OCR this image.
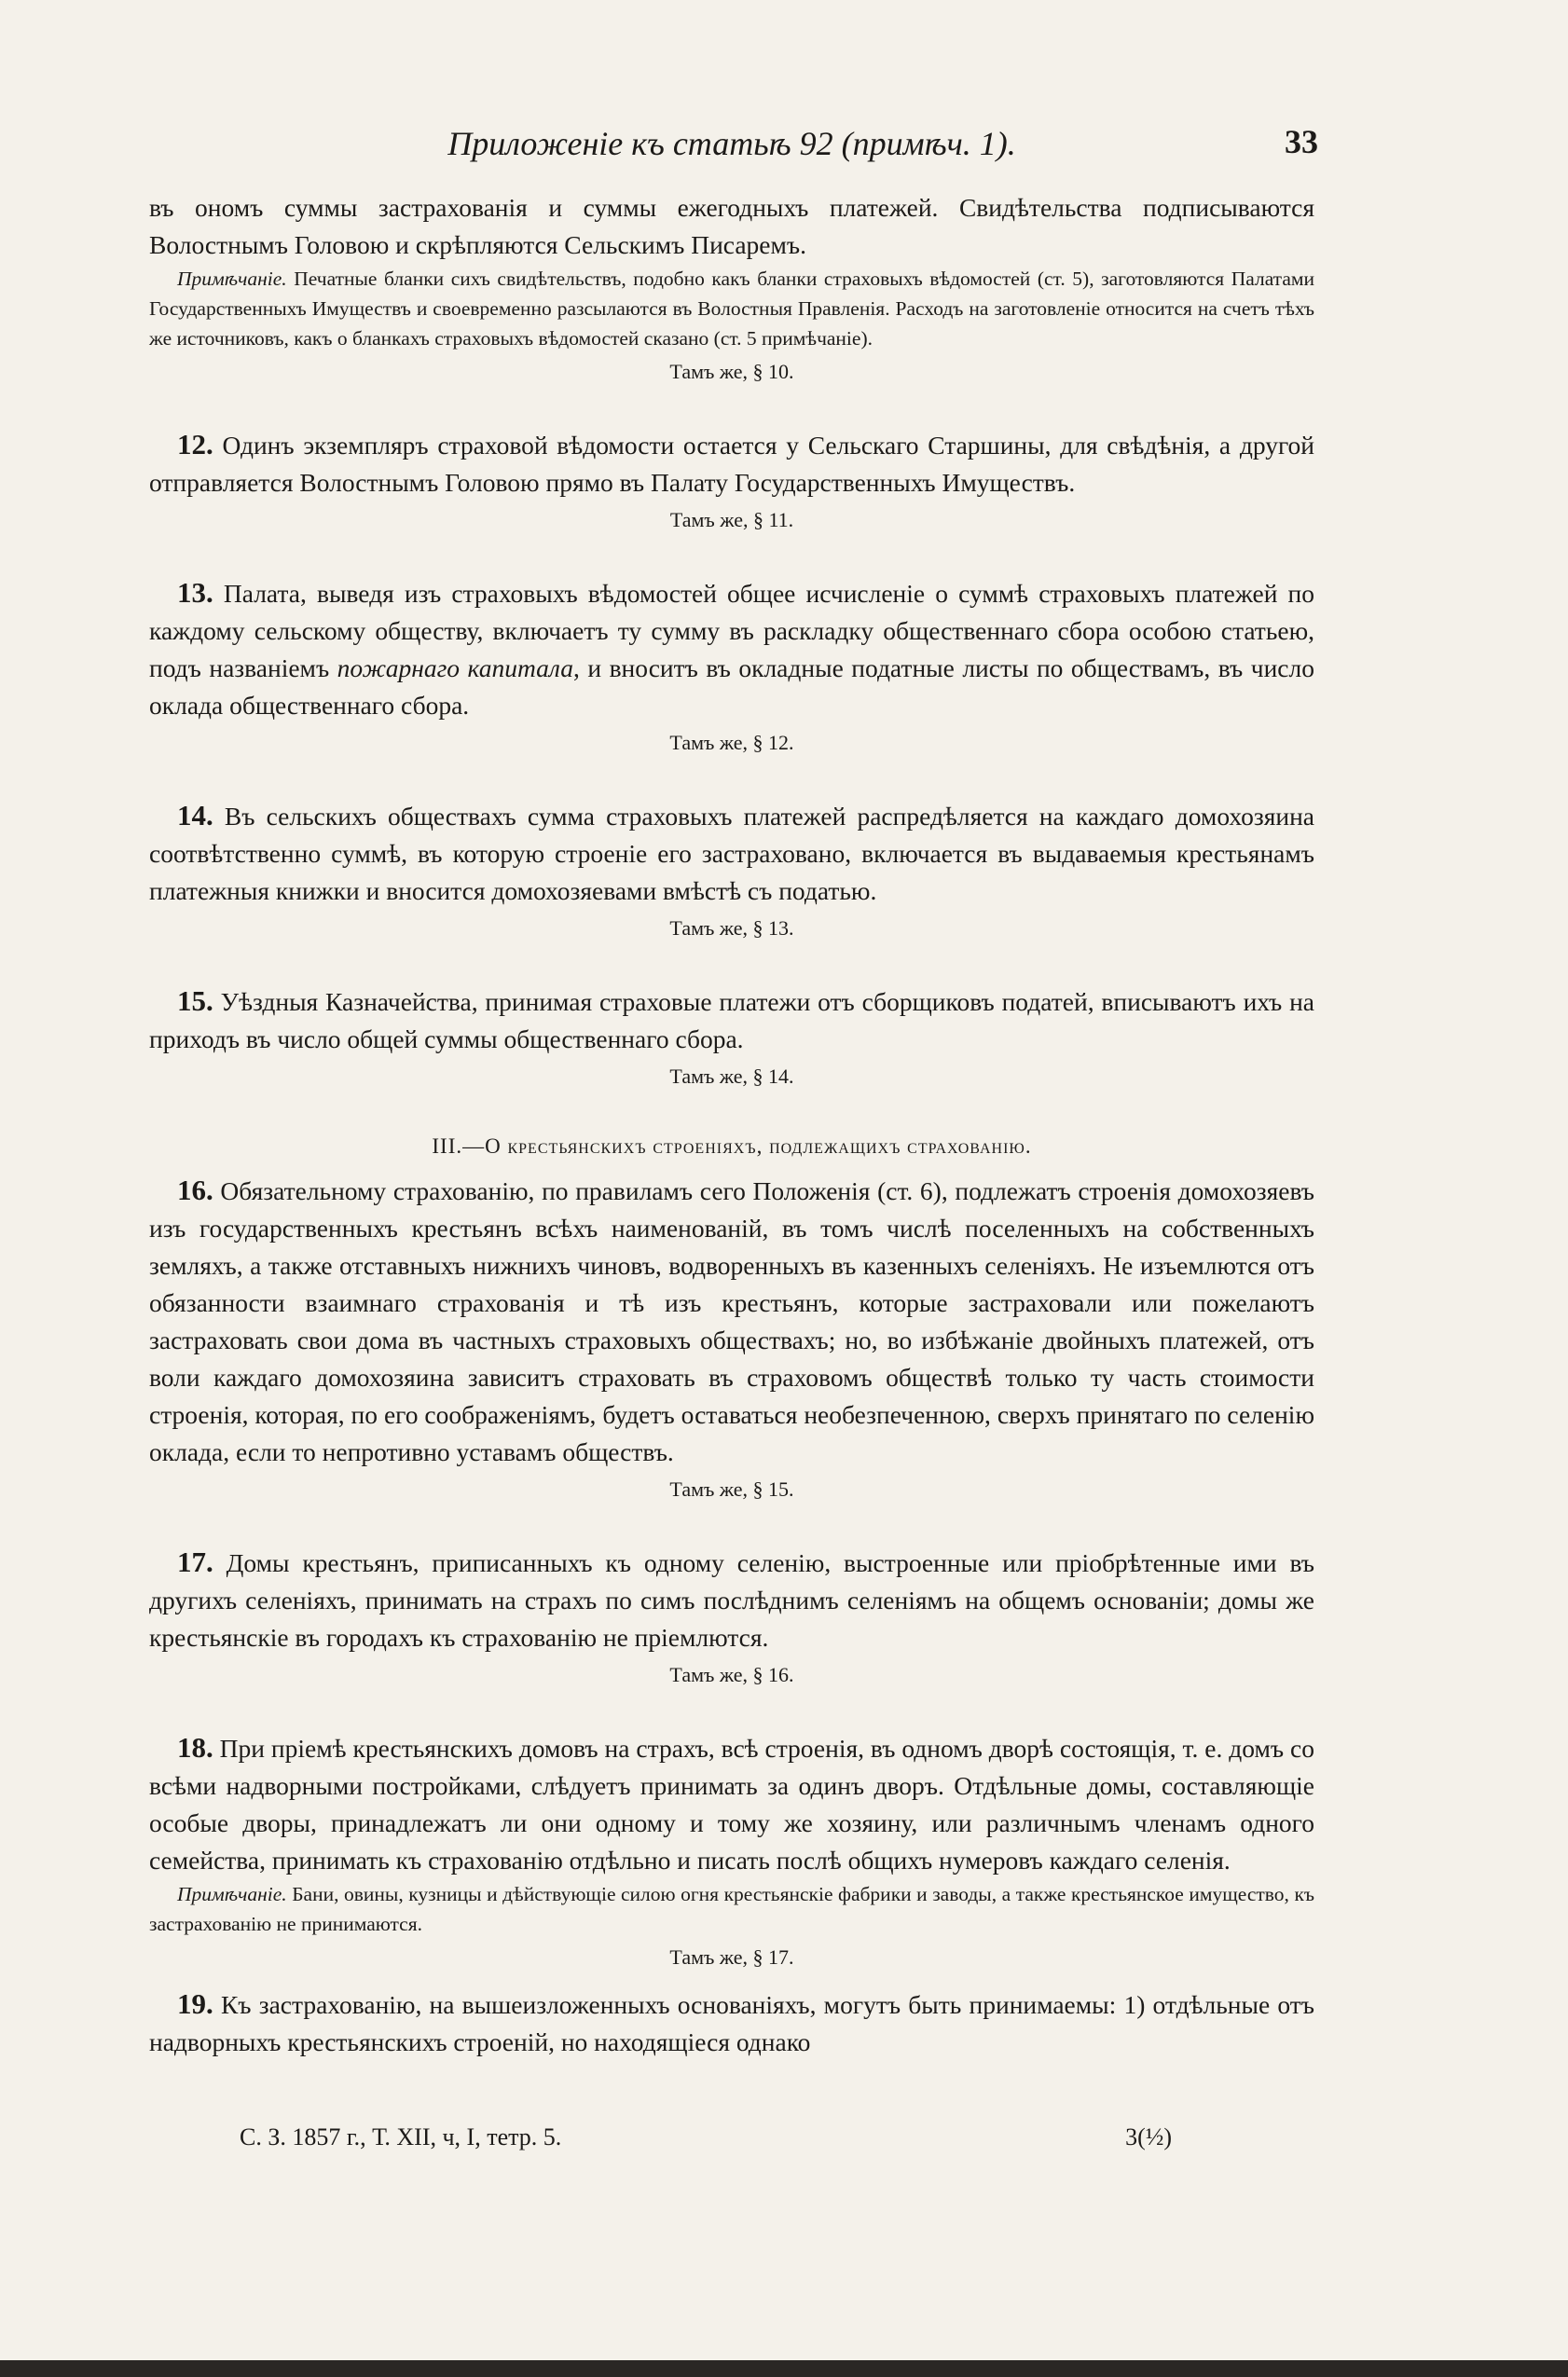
Приложенiе къ статьѣ 92 (примѣч. 1).	33

въ ономъ суммы застрахованiя и суммы ежегодныхъ платежей. Свидѣтельства подписываются Волостнымъ Головою и скрѣпляются Сельскимъ Писаремъ.

Примѣчанiе. Печатные бланки сихъ свидѣтельствъ, подобно какъ бланки страховыхъ вѣдомостей (ст. 5), заготовляются Палатами Государственныхъ Имуществъ и своевременно разсылаются въ Волостныя Правленiя. Расходъ на заготовленiе относится на счетъ тѣхъ же источниковъ, какъ о бланкахъ страховыхъ вѣдомостей сказано (ст. 5 примѣчанiе).

Тамъ же, § 10.

12. Одинъ экземпляръ страховой вѣдомости остается у Сельскаго Старшины, для свѣдѣнiя, а другой отправляется Волостнымъ Головою прямо въ Палату Государственныхъ Имуществъ.

Тамъ же, § 11.

13. Палата, выведя изъ страховыхъ вѣдомостей общее исчисленiе о суммѣ страховыхъ платежей по каждому сельскому обществу, включаетъ ту сумму въ раскладку общественнаго сбора особою статьею, подъ названiемъ пожарнаго капитала, и вноситъ въ окладные податные листы по обществамъ, въ число оклада общественнаго сбора.

Тамъ же, § 12.

14. Въ сельскихъ обществахъ сумма страховыхъ платежей распредѣляется на каждаго домохозяина соотвѣтственно суммѣ, въ которую строенiе его застраховано, включается въ выдаваемыя крестьянамъ платежныя книжки и вносится домохозяевами вмѣстѣ съ податью.

Тамъ же, § 13.

15. Уѣздныя Казначейства, принимая страховые платежи отъ сборщиковъ податей, вписываютъ ихъ на приходъ въ число общей суммы общественнаго сбора.

Тамъ же, § 14.
III.—О крестьянскихъ строенiяхъ, подлежащихъ страхованiю.

16. Обязательному страхованiю, по правиламъ сего Положенiя (ст. 6), подлежатъ строенiя домохозяевъ изъ государственныхъ крестьянъ всѣхъ наименованiй, въ томъ числѣ поселенныхъ на собственныхъ земляхъ, а также отставныхъ нижнихъ чиновъ, водворенныхъ въ казенныхъ селенiяхъ. Не изъемлются отъ обязанности взаимнаго страхованiя и тѣ изъ крестьянъ, которые застраховали или пожелаютъ застраховать свои дома въ частныхъ страховыхъ обществахъ; но, во избѣжанiе двойныхъ платежей, отъ воли каждаго домохозяина зависитъ страховать въ страховомъ обществѣ только ту часть стоимости строенiя, которая, по его соображенiямъ, будетъ оставаться необезпеченною, сверхъ принятаго по селенiю оклада, если то непротивно уставамъ обществъ.

Тамъ же, § 15.

17. Домы крестьянъ, приписанныхъ къ одному селенiю, выстроенные или прiобрѣтенные ими въ другихъ селенiяхъ, принимать на страхъ по симъ послѣднимъ селенiямъ на общемъ основанiи; домы же крестьянскiе въ городахъ къ страхованiю не прiемлются.

Тамъ же, § 16.

18. При прiемѣ крестьянскихъ домовъ на страхъ, всѣ строенiя, въ одномъ дворѣ состоящiя, т. е. домъ со всѣми надворными постройками, слѣдуетъ принимать за одинъ дворъ. Отдѣльные домы, составляющiе особые дворы, принадлежатъ ли они одному и тому же хозяину, или различнымъ членамъ одного семейства, принимать къ страхованiю отдѣльно и писать послѣ общихъ нумеровъ каждаго селенiя.

Примѣчанiе. Бани, овины, кузницы и дѣйствующiе силою огня крестьянскiе фабрики и заводы, а также крестьянское имущество, къ застрахованiю не принимаются.

Тамъ же, § 17.

19. Къ застрахованiю, на вышеизложенныхъ основанiяхъ, могутъ быть принимаемы: 1) отдѣльные отъ надворныхъ крестьянскихъ строенiй, но находящiеся однако

С. З. 1857 г., Т. XII, ч, I, тетр. 5.	3(½)
